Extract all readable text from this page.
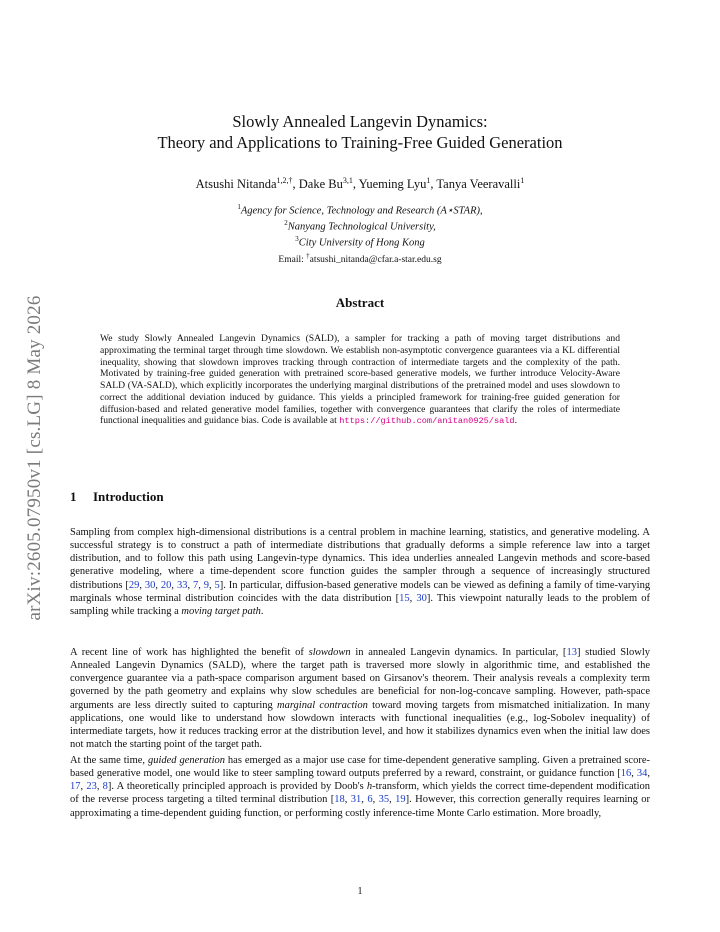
arXiv:2605.07950v1 [cs.LG] 8 May 2026
Slowly Annealed Langevin Dynamics:
Theory and Applications to Training-Free Guided Generation
Atsushi Nitanda$^{1,2,\dagger}$, Dake Bu$^{3,1}$, Yueming Lyu$^1$, Tanya Veeravalli$^1$
$^1$Agency for Science, Technology and Research (A⋆STAR),
$^2$Nanyang Technological University,
$^3$City University of Hong Kong
Email: †atsushi_nitanda@cfar.a-star.edu.sg
Abstract
We study Slowly Annealed Langevin Dynamics (SALD), a sampler for tracking a path of moving target distributions and approximating the terminal target through time slowdown. We establish non-asymptotic convergence guarantees via a KL differential inequality, showing that slowdown improves tracking through contraction of intermediate targets and the complexity of the path. Motivated by training-free guided generation with pretrained score-based generative models, we further introduce Velocity-Aware SALD (VA-SALD), which explicitly incorporates the underlying marginal distributions of the pretrained model and uses slowdown to correct the additional deviation induced by guidance. This yields a principled framework for training-free guided generation for diffusion-based and related generative model families, together with convergence guarantees that clarify the roles of intermediate functional inequalities and guidance bias. Code is available at https://github.com/anitan0925/sald.
1 Introduction
Sampling from complex high-dimensional distributions is a central problem in machine learning, statistics, and generative modeling. A successful strategy is to construct a path of intermediate distributions that gradually deforms a simple reference law into a target distribution, and to follow this path using Langevin-type dynamics. This idea underlies annealed Langevin methods and score-based generative modeling, where a time-dependent score function guides the sampler through a sequence of increasingly structured distributions [29, 30, 20, 33, 7, 9, 5]. In particular, diffusion-based generative models can be viewed as defining a family of time-varying marginals whose terminal distribution coincides with the data distribution [15, 30]. This viewpoint naturally leads to the problem of sampling while tracking a moving target path.
A recent line of work has highlighted the benefit of slowdown in annealed Langevin dynamics. In particular, [13] studied Slowly Annealed Langevin Dynamics (SALD), where the target path is traversed more slowly in algorithmic time, and established the convergence guarantee via a path-space comparison argument based on Girsanov's theorem. Their analysis reveals a complexity term governed by the path geometry and explains why slow schedules are beneficial for non-log-concave sampling. However, path-space arguments are less directly suited to capturing marginal contraction toward moving targets from mismatched initialization. In many applications, one would like to understand how slowdown interacts with functional inequalities (e.g., log-Sobolev inequality) of intermediate targets, how it reduces tracking error at the distribution level, and how it stabilizes dynamics even when the initial law does not match the starting point of the target path.
At the same time, guided generation has emerged as a major use case for time-dependent generative sampling. Given a pretrained score-based generative model, one would like to steer sampling toward outputs preferred by a reward, constraint, or guidance function [16, 34, 17, 23, 8]. A theoretically principled approach is provided by Doob's h-transform, which yields the correct time-dependent modification of the reverse process targeting a tilted terminal distribution [18, 31, 6, 35, 19]. However, this correction generally requires learning or approximating a time-dependent guiding function, or performing costly inference-time Monte Carlo estimation. More broadly,
1
